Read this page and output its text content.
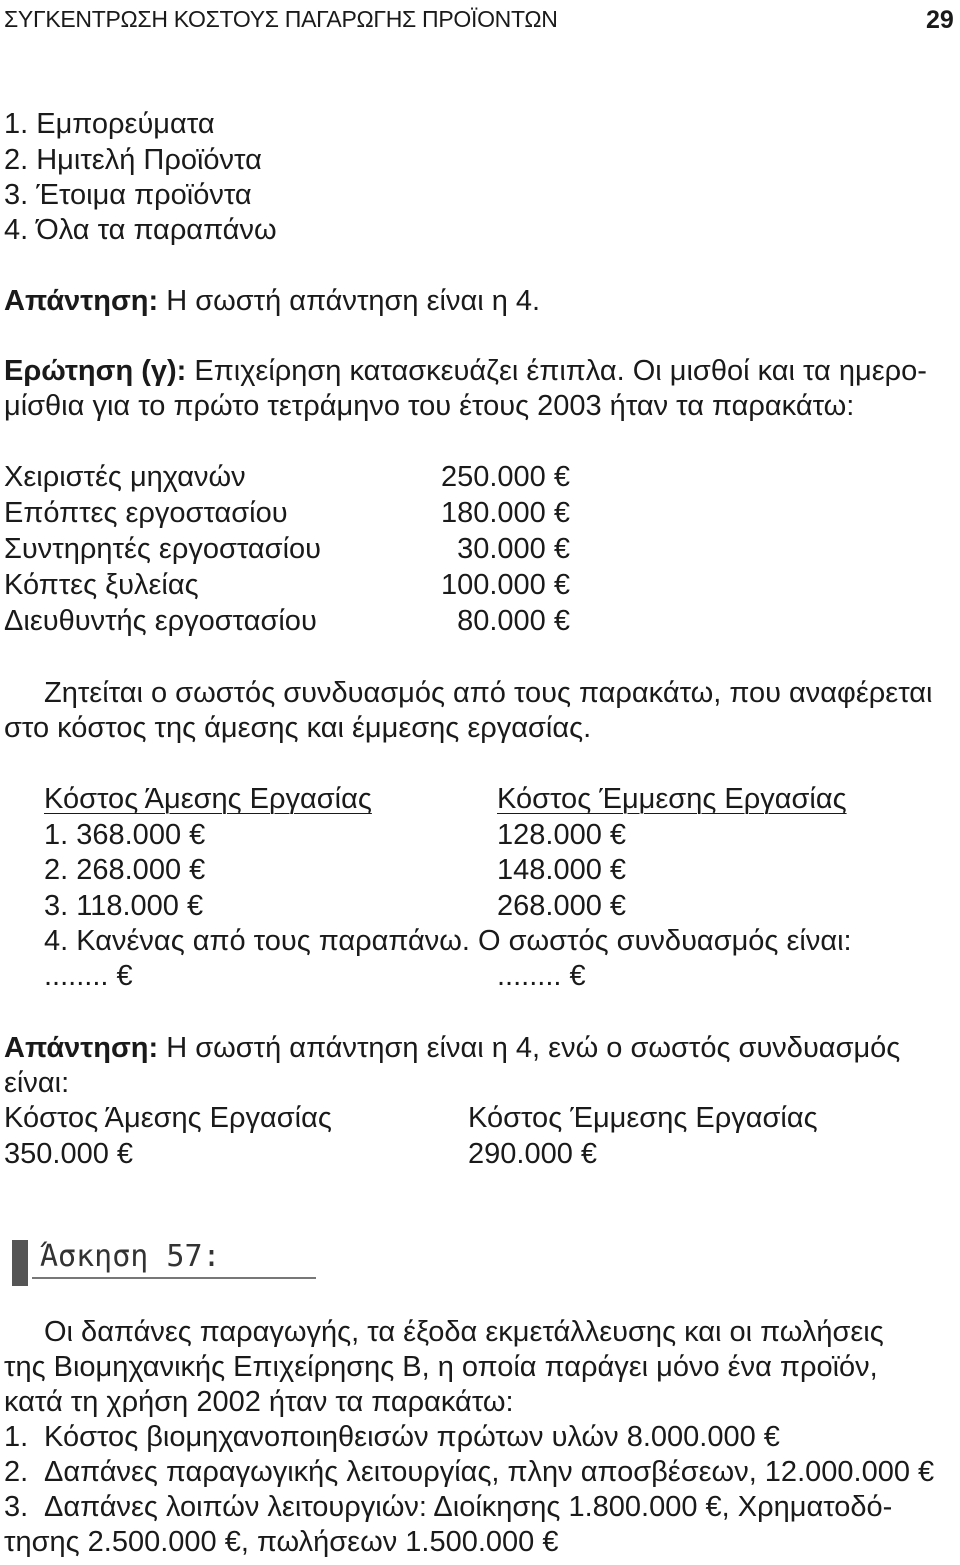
ΣΥΓΚΕΝΤΡΩΣΗ ΚΟΣΤΟΥΣ ΠΑΓΑΡΩΓΗΣ ΠΡΟΪΟΝΤΩΝ	29
1. Εμπορεύματα
2. Ημιτελή Προϊόντα
3. Έτοιμα προϊόντα
4. Όλα τα παραπάνω
Απάντηση: Η σωστή απάντηση είναι η 4.
Ερώτηση (γ): Επιχείρηση κατασκευάζει έπιπλα. Οι μισθοί και τα ημερο-
μίσθια για το πρώτο τετράμηνο του έτους 2003 ήταν τα παρακάτω:
Χειριστές μηχανών	250.000 €
Επόπτες εργοστασίου	180.000 €
Συντηρητές εργοστασίου	30.000 €
Κόπτες ξυλείας	100.000 €
Διευθυντής εργοστασίου	80.000 €
Ζητείται ο σωστός συνδυασμός από τους παρακάτω, που αναφέρεται
στο κόστος της άμεσης και έμμεσης εργασίας.
Κόστος Άμεσης Εργασίας	Κόστος Έμμεσης Εργασίας
1. 368.000 €	128.000 €
2. 268.000 €	148.000 €
3. 118.000 €	268.000 €
4. Κανένας από τους παραπάνω. Ο σωστός συνδυασμός είναι:
........ €	........ €
Απάντηση: Η σωστή απάντηση είναι η 4, ενώ ο σωστός συνδυασμός
είναι:
Κόστος Άμεσης Εργασίας	Κόστος Έμμεσης Εργασίας
350.000 €	290.000 €
Άσκηση 57:
Οι δαπάνες παραγωγής, τα έξοδα εκμετάλλευσης και οι πωλήσεις
της Βιομηχανικής Επιχείρησης Β, η οποία παράγει μόνο ένα προϊόν,
κατά τη χρήση 2002 ήταν τα παρακάτω:
1. Κόστος βιομηχανοποιηθεισών πρώτων υλών 8.000.000 €
2. Δαπάνες παραγωγικής λειτουργίας, πλην αποσβέσεων, 12.000.000 €
3. Δαπάνες λοιπών λειτουργιών: Διοίκησης 1.800.000 €, Χρηματοδό-
τησης 2.500.000 €, πωλήσεων 1.500.000 €
